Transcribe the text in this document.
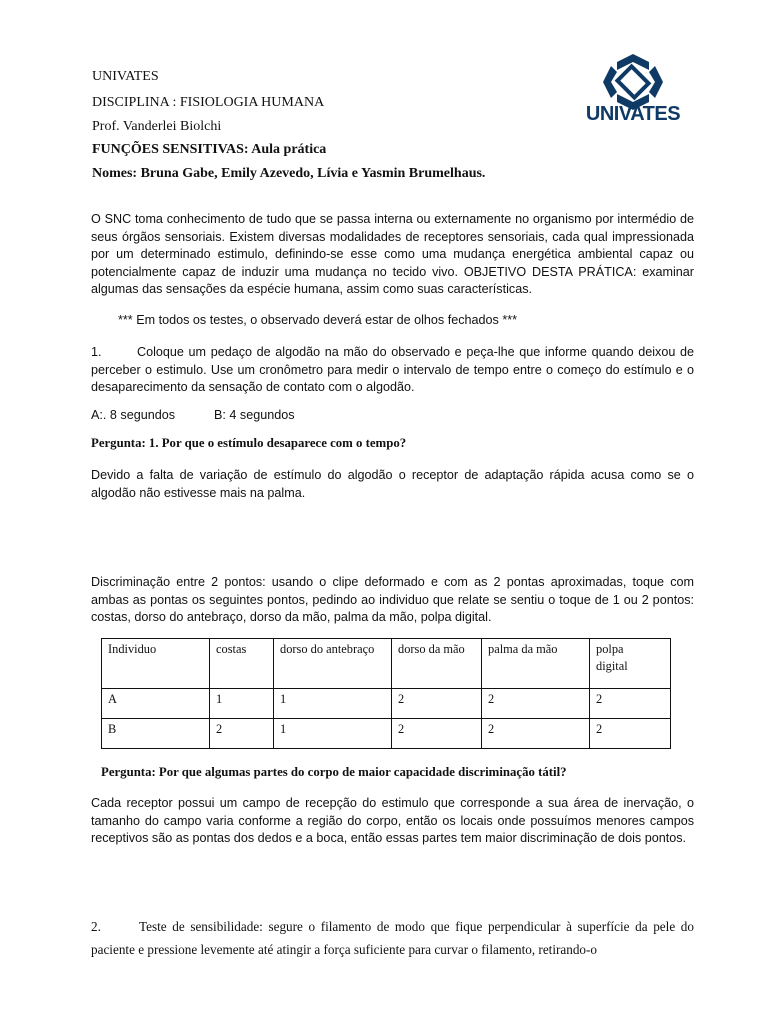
UNIVATES
DISCIPLINA : FISIOLOGIA HUMANA
Prof. Vanderlei Biolchi
FUNÇÕES SENSITIVAS: Aula prática
Nomes: Bruna Gabe, Emily Azevedo, Lívia e Yasmin Brumelhaus.
UNIVATES
O SNC toma conhecimento de tudo que se passa interna ou externamente no organismo por intermédio de seus órgãos sensoriais. Existem diversas modalidades de receptores sensoriais, cada qual impressionada por um determinado estimulo, definindo-se esse como uma mudança energética ambiental capaz ou potencialmente capaz de induzir uma mudança no tecido vivo. OBJETIVO DESTA PRÁTICA: examinar algumas das sensações da espécie humana, assim como suas características.
*** Em todos os testes, o observado deverá estar de olhos fechados ***
1.	Coloque um pedaço de algodão na mão do observado e peça-lhe que informe quando deixou de perceber o estimulo. Use um cronômetro para medir o intervalo de tempo entre o começo do estímulo e o desaparecimento da sensação de contato com o algodão.
A:. 8 segundos	B: 4 segundos
Pergunta: 1. Por que o estímulo desaparece com o tempo?
Devido a falta de variação de estímulo do algodão o receptor de adaptação rápida acusa como se o algodão não estivesse mais na palma.
Discriminação entre 2 pontos: usando o clipe deformado e com as 2 pontas aproximadas, toque com ambas as pontas os seguintes pontos, pedindo ao individuo que relate se sentiu o toque de 1 ou 2 pontos: costas, dorso do antebraço, dorso da mão, palma da mão, polpa digital.
Individuo	costas	dorso do antebraço	dorso da mão	palma da mão	polpa digital
A	1	1	2	2	2
B	2	1	2	2	2
Pergunta: Por que algumas partes do corpo de maior capacidade discriminação tátil?
Cada receptor possui um campo de recepção do estimulo que corresponde a sua área de inervação, o tamanho do campo varia conforme a região do corpo, então os locais onde possuímos menores campos receptivos são as pontas dos dedos e a boca, então essas partes tem maior discriminação de dois pontos.
2.	Teste de sensibilidade: segure o filamento de modo que fique perpendicular à superfície da pele do paciente e pressione levemente até atingir a força suficiente para curvar o filamento, retirando-o
